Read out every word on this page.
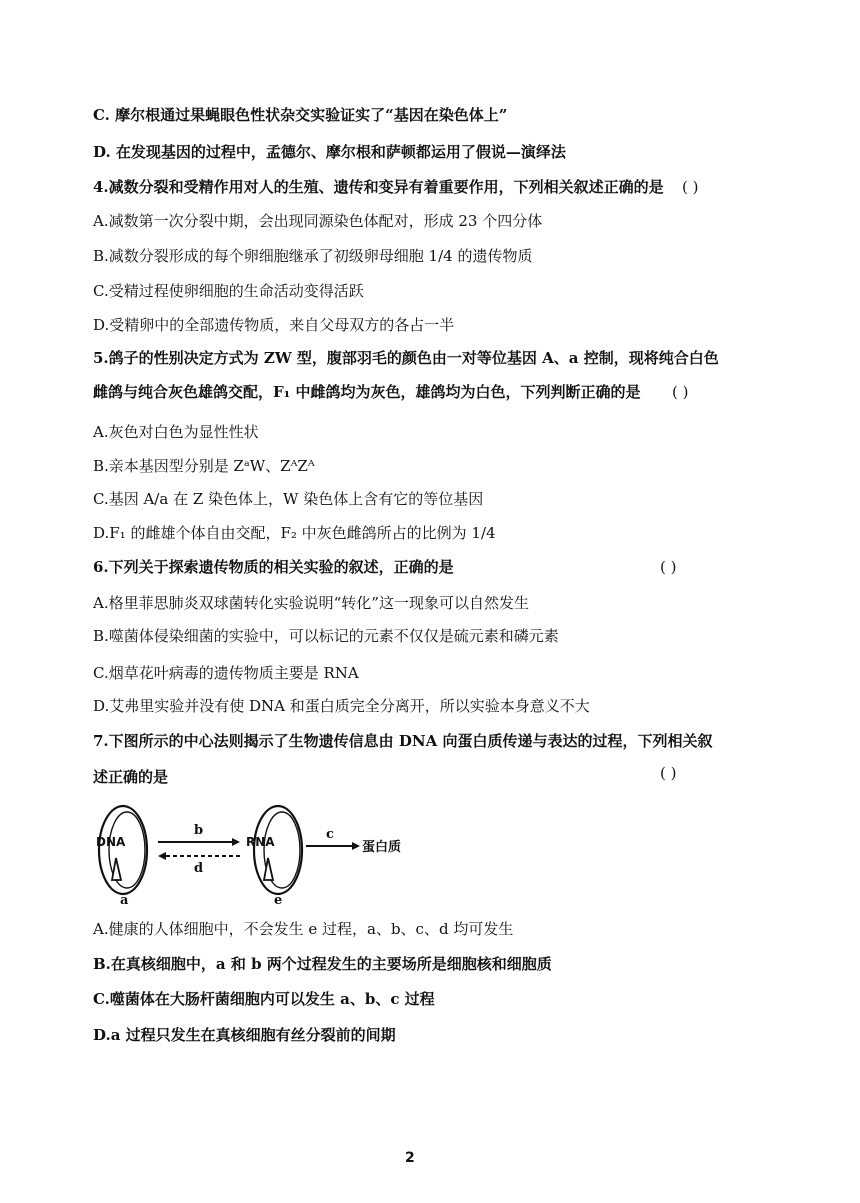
C. 摩尔根通过果蝇眼色性状杂交实验证实了“基因在染色体上”
D. 在发现基因的过程中，孟德尔、摩尔根和萨顿都运用了假说—演绎法
4.减数分裂和受精作用对人的生殖、遗传和变异有着重要作用，下列相关叙述正确的是 ( )
A.减数第一次分裂中期，会出现同源染色体配对，形成 23 个四分体
B.减数分裂形成的每个卵细胞继承了初级卵母细胞 1/4 的遗传物质
C.受精过程使卵细胞的生命活动变得活跃
D.受精卵中的全部遗传物质，来自父母双方的各占一半
5.鸽子的性别决定方式为 ZW 型，腹部羽毛的颜色由一对等位基因 A、a 控制，现将纯合白色
雌鸽与纯合灰色雄鸽交配，F₁ 中雌鸽均为灰色，雄鸽均为白色，下列判断正确的是 ( )
A.灰色对白色为显性性状
B.亲本基因型分别是 ZᵃW、ZᴬZᴬ
C.基因 A/a 在 Z 染色体上，W 染色体上含有它的等位基因
D.F₁ 的雌雄个体自由交配，F₂ 中灰色雌鸽所占的比例为 1/4
6.下列关于探索遗传物质的相关实验的叙述，正确的是	( )
A.格里菲思肺炎双球菌转化实验说明“转化”这一现象可以自然发生
B.噬菌体侵染细菌的实验中，可以标记的元素不仅仅是硫元素和磷元素
C.烟草花叶病毒的遗传物质主要是 RNA
D.艾弗里实验并没有使 DNA 和蛋白质完全分离开，所以实验本身意义不大
7.下图所示的中心法则揭示了生物遗传信息由 DNA 向蛋白质传递与表达的过程，下列相关叙
述正确的是	( )
DNA
a
b
d
RNA
e
c
蛋白质
A.健康的人体细胞中，不会发生 e 过程，a、b、c、d 均可发生
B.在真核细胞中，a 和 b 两个过程发生的主要场所是细胞核和细胞质
C.噬菌体在大肠杆菌细胞内可以发生 a、b、c 过程
D.a 过程只发生在真核细胞有丝分裂前的间期
2
